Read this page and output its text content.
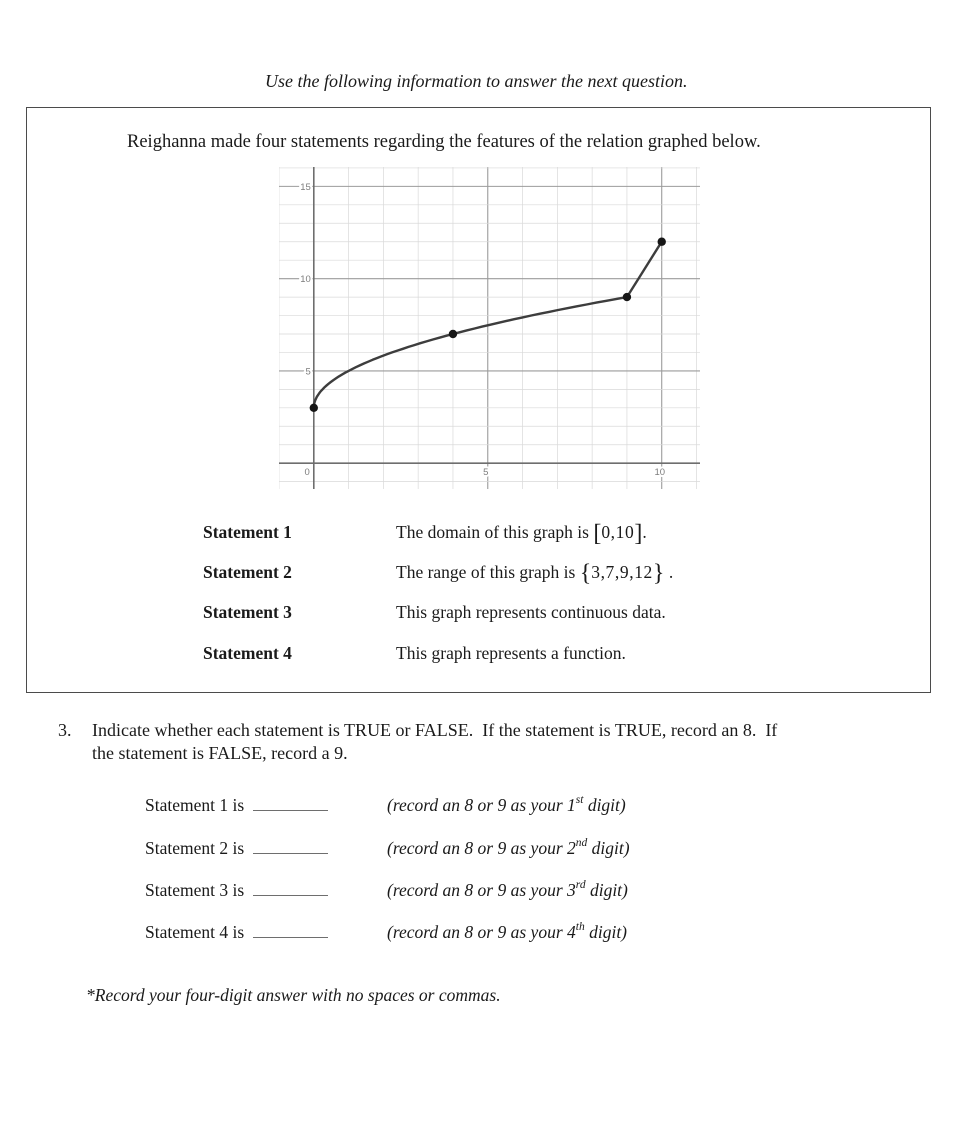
Use the following information to answer the next question.
Reighanna made four statements regarding the features of the relation graphed below.
0	5	10
5
10
15
Statement 1	The domain of this graph is [0,10].
Statement 2	The range of this graph is {3,7,9,12} .
Statement 3	This graph represents continuous data.
Statement 4	This graph represents a function.
3. Indicate whether each statement is TRUE or FALSE.  If the statement is TRUE, record an 8.  If
the statement is FALSE, record a 9.
Statement 1 is	(record an 8 or 9 as your 1st digit)
Statement 2 is	(record an 8 or 9 as your 2nd digit)
Statement 3 is	(record an 8 or 9 as your 3rd digit)
Statement 4 is	(record an 8 or 9 as your 4th digit)
*Record your four-digit answer with no spaces or commas.
